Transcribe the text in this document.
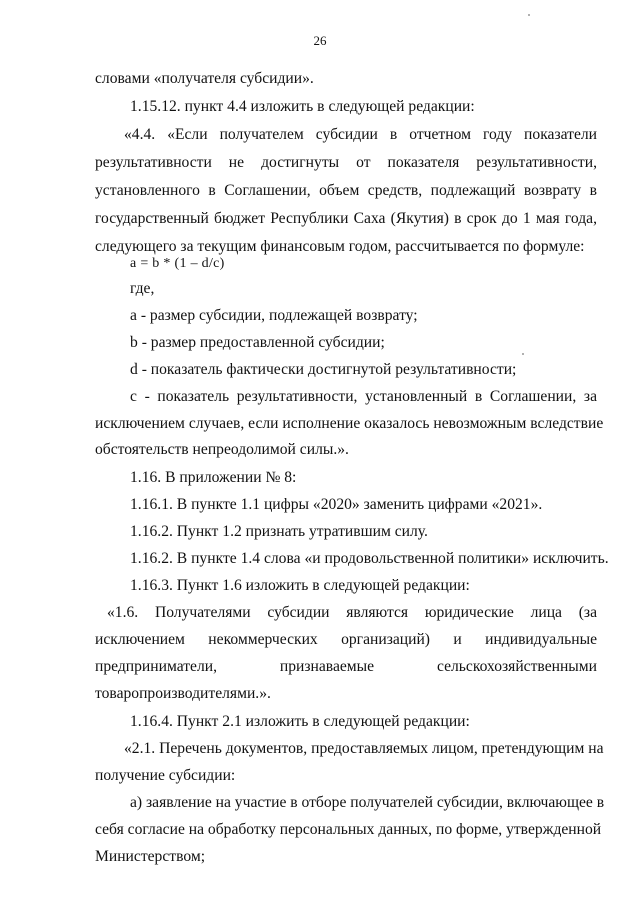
26
словами «получателя субсидии».
1.15.12. пункт 4.4 изложить в следующей редакции:
«4.4. «Если получателем субсидии в отчетном году показатели
результативности не достигнуты от показателя результативности,
установленного в Соглашении, объем средств, подлежащий возврату в
государственный бюджет Республики Саха (Якутия) в срок до 1 мая года,
следующего за текущим финансовым годом, рассчитывается по формуле:
a = b * (1 – d/c)
где,
a - размер субсидии, подлежащей возврату;
b - размер предоставленной субсидии;
d - показатель фактически достигнутой результативности;
c - показатель результативности, установленный в Соглашении, за
исключением случаев, если исполнение оказалось невозможным вследствие
обстоятельств непреодолимой силы.».
1.16. В приложении № 8:
1.16.1. В пункте 1.1 цифры «2020» заменить цифрами «2021».
1.16.2. Пункт 1.2 признать утратившим силу.
1.16.2. В пункте 1.4 слова «и продовольственной политики» исключить.
1.16.3. Пункт 1.6 изложить в следующей редакции:
«1.6. Получателями субсидии являются юридические лица (за
исключением некоммерческих организаций) и индивидуальные
предприниматели, признаваемые сельскохозяйственными
товаропроизводителями.».
1.16.4. Пункт 2.1 изложить в следующей редакции:
«2.1. Перечень документов, предоставляемых лицом, претендующим на
получение субсидии:
а) заявление на участие в отборе получателей субсидии, включающее в
себя согласие на обработку персональных данных, по форме, утвержденной
Министерством;
